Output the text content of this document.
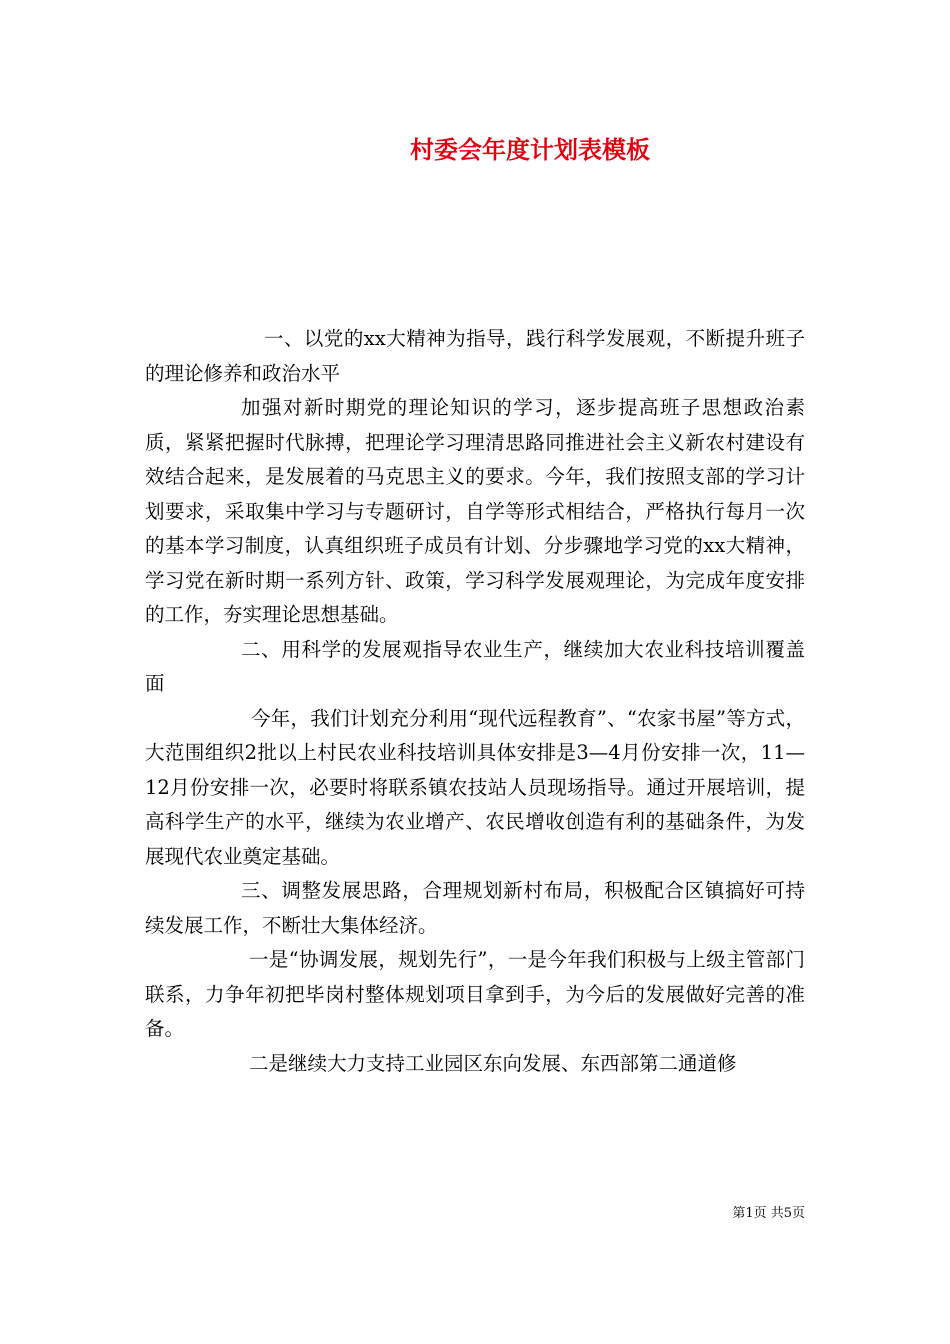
村委会年度计划表模板

一、以党的xx大精神为指导，践行科学发展观，不断提升班子的理论修养和政治水平

加强对新时期党的理论知识的学习，逐步提高班子思想政治素质，紧紧把握时代脉搏，把理论学习理清思路同推进社会主义新农村建设有效结合起来，是发展着的马克思主义的要求。今年，我们按照支部的学习计划要求，采取集中学习与专题研讨，自学等形式相结合，严格执行每月一次的基本学习制度，认真组织班子成员有计划、分步骤地学习党的xx大精神，学习党在新时期一系列方针、政策，学习科学发展观理论，为完成年度安排的工作，夯实理论思想基础。

二、用科学的发展观指导农业生产，继续加大农业科技培训覆盖面

今年，我们计划充分利用“现代远程教育”、“农家书屋”等方式，大范围组织2批以上村民农业科技培训具体安排是3—4月份安排一次，11—12月份安排一次，必要时将联系镇农技站人员现场指导。通过开展培训，提高科学生产的水平，继续为农业增产、农民增收创造有利的基础条件，为发展现代农业奠定基础。

三、调整发展思路，合理规划新村布局，积极配合区镇搞好可持续发展工作，不断壮大集体经济。

一是“协调发展，规划先行”，一是今年我们积极与上级主管部门联系，力争年初把毕岗村整体规划项目拿到手，为今后的发展做好完善的准备。

二是继续大力支持工业园区东向发展、东西部第二通道修

第1页 共5页
